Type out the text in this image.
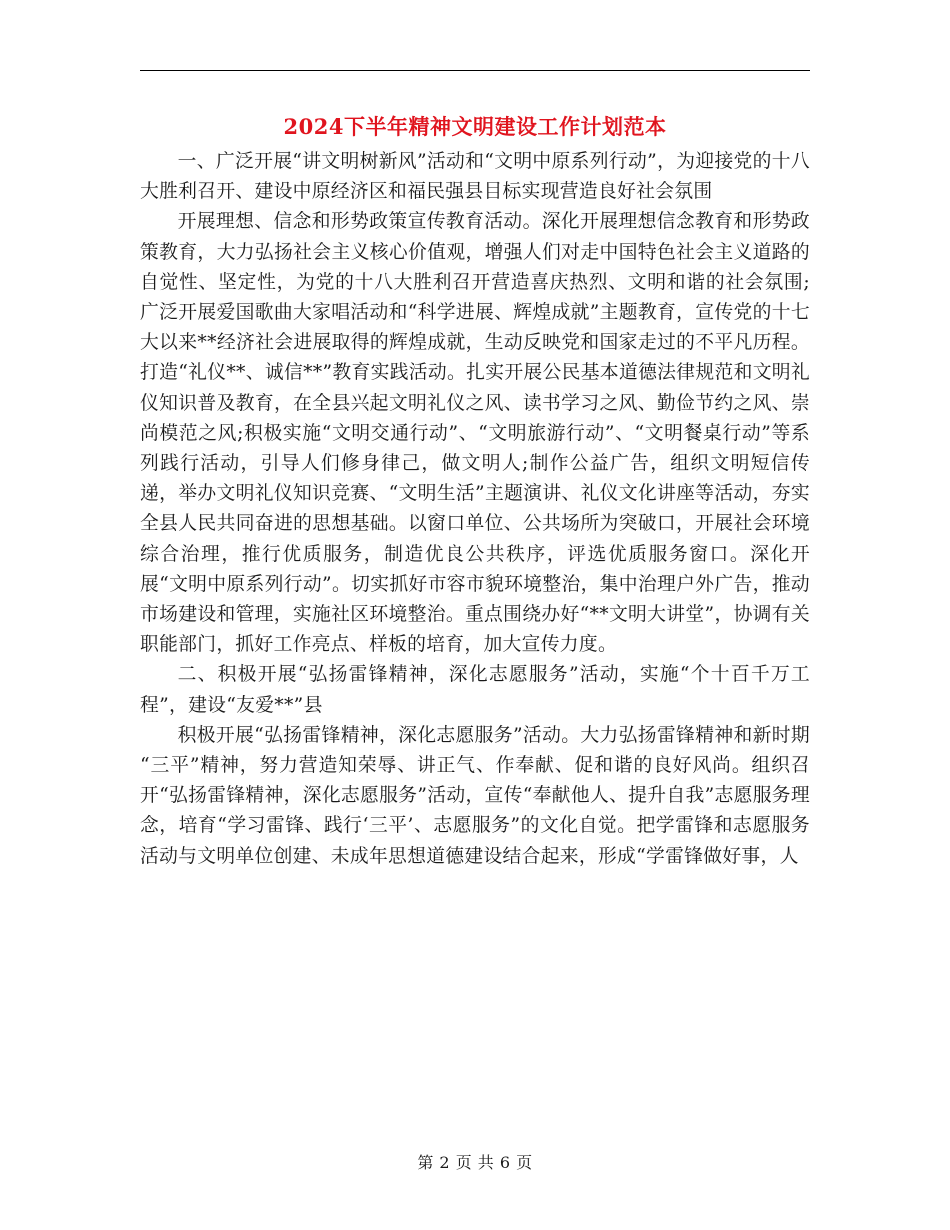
2024下半年精神文明建设工作计划范本

一、广泛开展“讲文明树新风”活动和“文明中原系列行动”，为迎接党的十八大胜利召开、建设中原经济区和福民强县目标实现营造良好社会氛围

开展理想、信念和形势政策宣传教育活动。深化开展理想信念教育和形势政策教育，大力弘扬社会主义核心价值观，增强人们对走中国特色社会主义道路的自觉性、坚定性，为党的十八大胜利召开营造喜庆热烈、文明和谐的社会氛围;广泛开展爱国歌曲大家唱活动和“科学进展、辉煌成就”主题教育，宣传党的十七大以来**经济社会进展取得的辉煌成就，生动反映党和国家走过的不平凡历程。打造“礼仪**、诚信**”教育实践活动。扎实开展公民基本道德法律规范和文明礼仪知识普及教育，在全县兴起文明礼仪之风、读书学习之风、勤俭节约之风、崇尚模范之风;积极实施“文明交通行动”、“文明旅游行动”、“文明餐桌行动”等系列践行活动，引导人们修身律己，做文明人;制作公益广告，组织文明短信传递，举办文明礼仪知识竞赛、“文明生活”主题演讲、礼仪文化讲座等活动，夯实全县人民共同奋进的思想基础。以窗口单位、公共场所为突破口，开展社会环境综合治理，推行优质服务，制造优良公共秩序，评选优质服务窗口。深化开展“文明中原系列行动”。切实抓好市容市貌环境整治，集中治理户外广告，推动市场建设和管理，实施社区环境整治。重点围绕办好“**文明大讲堂”，协调有关职能部门，抓好工作亮点、样板的培育，加大宣传力度。

二、积极开展“弘扬雷锋精神，深化志愿服务”活动，实施“个十百千万工程”，建设“友爱**”县

积极开展“弘扬雷锋精神，深化志愿服务”活动。大力弘扬雷锋精神和新时期 “三平”精神，努力营造知荣辱、讲正气、作奉献、促和谐的良好风尚。组织召开“弘扬雷锋精神，深化志愿服务”活动，宣传“奉献他人、提升自我”志愿服务理念，培育“学习雷锋、践行‘三平’、志愿服务”的文化自觉。把学雷锋和志愿服务活动与文明单位创建、未成年思想道德建设结合起来，形成“学雷锋做好事，人

第 2 页 共 6 页
